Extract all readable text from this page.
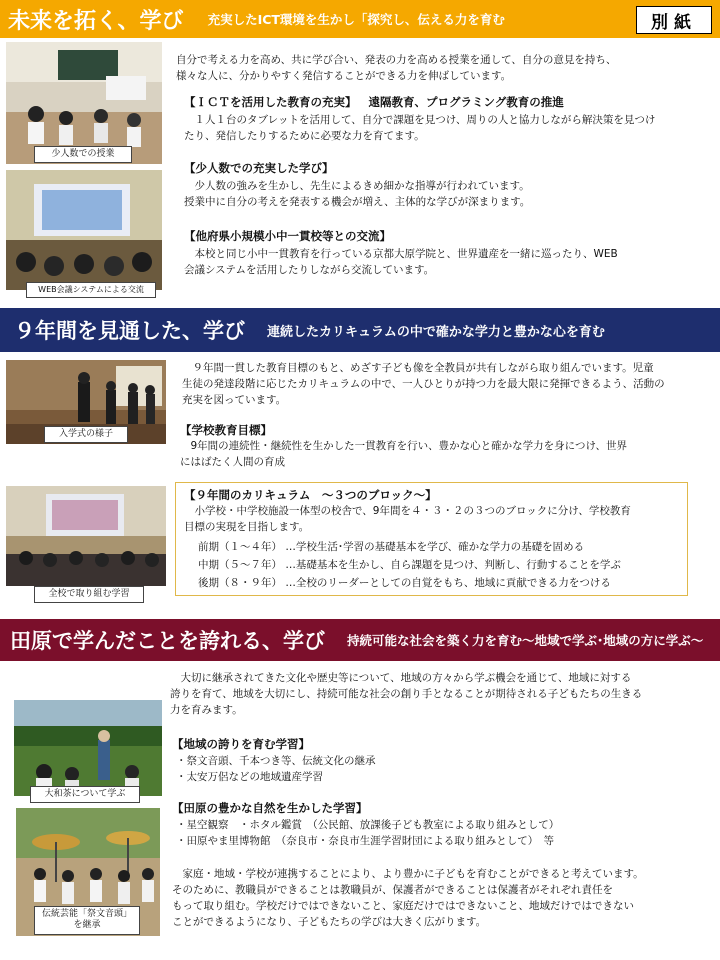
未来を拓く、学び 充実したICT環境を生かし「探究し、伝える力を育む	別紙
少人数での授業
WEB会議システムによる交流
自分で考える力を高め、共に学び合い、発表の力を高める授業を通して、自分の意見を持ち、
様々な人に、分かりやすく発信することができる力を伸ばしています。
【ＩＣＴを活用した教育の充実】 遠隔教育、プログラミング教育の推進
　１人１台のタブレットを活用して、自分で課題を見つけ、周りの人と協力しながら解決策を見つけ
たり、発信したりするために必要な力を育てます。
【少人数での充実した学び】
　少人数の強みを生かし、先生によるきめ細かな指導が行われています。
授業中に自分の考えを発表する機会が増え、主体的な学びが深まります。
【他府県小規模小中一貫校等との交流】
　本校と同じ小中一貫教育を行っている京都大原学院と、世界遺産を一緒に巡ったり、WEB
会議システムを活用したりしながら交流しています。
９年間を見通した、学び 連続したカリキュラムの中で確かな学力と豊かな心を育む
入学式の様子
全校で取り組む学習
　９年間一貫した教育目標のもと、めざす子ども像を全教員が共有しながら取り組んでいます。児童
生徒の発達段階に応じたカリキュラムの中で、一人ひとりが持つ力を最大限に発揮できるよう、活動の
充実を図っています。
【学校教育目標】
　9年間の連続性・継続性を生かした一貫教育を行い、豊かな心と確かな学力を身につけ、世界
にはばたく人間の育成
【９年間のカリキュラム　～３つのブロック～】
　小学校・中学校施設一体型の校舎で、9年間を４・３・２の３つのブロックに分け、学校教育
目標の実現を目指します。
前期（１～４年） …学校生活･学習の基礎基本を学び、確かな学力の基礎を固める
中期（５～７年） …基礎基本を生かし、自ら課題を見つけ、判断し、行動することを学ぶ
後期（８・９年） …全校のリーダーとしての自覚をもち、地域に貢献できる力をつける
田原で学んだことを誇れる、学び 持続可能な社会を築く力を育む～地域で学ぶ･地域の方に学ぶ～
大和茶について学ぶ
伝統芸能「祭文音頭」
を継承
　大切に継承されてきた文化や歴史等について、地域の方々から学ぶ機会を通じて、地域に対する
誇りを育て、地域を大切にし、持続可能な社会の創り手となることが期待される子どもたちの生きる
力を育みます。
【地域の誇りを育む学習】
・祭文音頭、千本つき等、伝統文化の継承
・太安万侶などの地域遺産学習
【田原の豊かな自然を生かした学習】
・星空観察　・ホタル鑑賞　（公民館、放課後子ども教室による取り組みとして）
・田原やま里博物館　（奈良市・奈良市生涯学習財団による取り組みとして）　等
　家庭・地域・学校が連携することにより、より豊かに子どもを育むことができると考えています。
そのために、教職員ができることは教職員が、保護者ができることは保護者がそれぞれ責任を
もって取り組む。学校だけではできないこと、家庭だけではできないこと、地域だけではできない
ことができるようになり、子どもたちの学びは大きく広がります。
